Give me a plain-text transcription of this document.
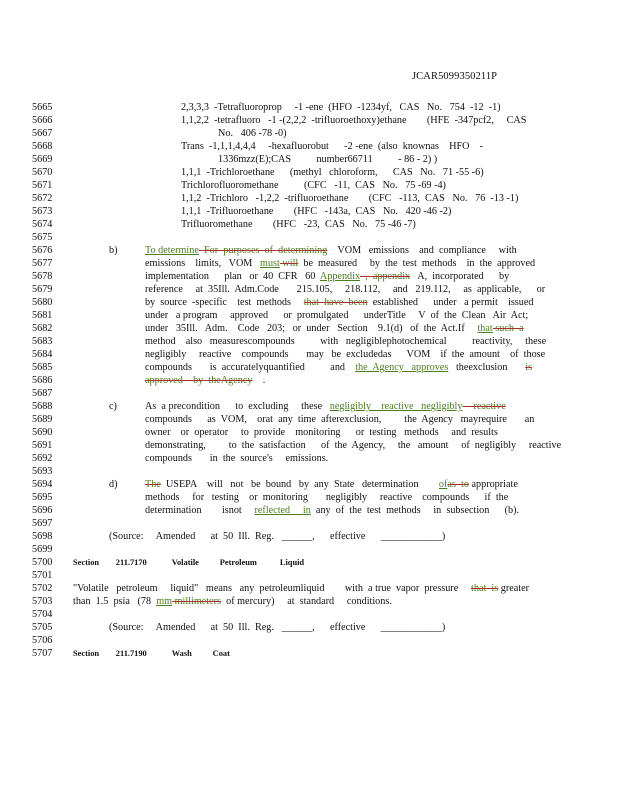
JCAR5099350211P
5665	2,3,3,3  -Tetrafluoroprop     -1 -ene  (HFO  -1234yf,   CAS   No.   754  -12  -1)
5666	1,1,2,2  -tetrafluoro   -1 -(2,2,2  -trifluoroethoxy)ethane        (HFE  -347pcf2,     CAS
5667	No.   406 -78 -0)
5668	Trans  -1,1,1,4,4,4     -hexafluorobut      -2 -ene  (also  knownas    HFO    -
5669	1336mzz(E);CAS          number66711          - 86 - 2) )
5670	1,1,1  -Trichloroethane      (methyl   chloroform,      CAS   No.   71 -55 -6)
5671	Trichlorofluoromethane          (CFC   -11,  CAS   No.   75 -69 -4)
5672	1,1,2  -Trichloro   -1,2,2  -trifluoroethane        (CFC   -113,  CAS   No.   76  -13 -1)
5673	1,1,1  -Trifluoroethane        (HFC   -143a,  CAS   No.   420 -46 -2)
5674	Trifluoromethane        (HFC   -23,  CAS   No.   75 -46 -7)
5675
5676	b)	To determine  For  purposes  of  determining    VOM   emissions    and  compliance     with
5677	emissions    limits,   VOM   must will  be  measured     by  the  test  methods    in  the  approved
5678	implementation      plan   or  40  CFR   60  Appendix  ,  appendix   A,  incorporated      by
5679	reference     at  35Ill.  Adm.Code       215.105,     218.112,     and   219.112,     as  applicable,      or
5680	by  source  -specific    test  methods     that  have  been  established      under   a permit    issued
5681	under   a program     approved      or  promulgated      underTitle     V  of  the  Clean   Air  Act;
5682	under   35Ill.   Adm.    Code   203;   or  under   Section    9.1(d)   of  the  Act.If     that such  a
5683	method    also   measurescompounds          with   negligiblephotochemical          reactivity,     these
5684	negligibly     reactive    compounds       may   be  excludedas      VOM    if  the  amount    of  those
5685	compounds       is  accuratelyquantified          and    the  Agency   approves   theexclusion       is
5686	approved    by  theAgency    .
5687
5688	c)	As  a precondition      to  excluding     these   negligibly    reactive   negligibly   -reactive
5689	compounds      as  VOM,    orat  any  time  afterexclusion,         the  Agency   mayrequire       an
5690	owner    or  operator     to  provide    monitoring      or  testing   methods     and  results
5691	demonstrating,         to  the  satisfaction      of  the  Agency,     the   amount     of  negligibly     reactive
5692	compounds       in  the  source's     emissions.
5693
5694	d)	The  USEPA    will   not   be  bound   by  any  State   determination        ofas  to appropriate
5695	methods     for   testing    or  monitoring       negligibly     reactive    compounds      if  the
5696	determination        isnot     reflected     in  any  of  the  test  methods     in  subsection      (b).
5697
5698	(Source:     Amended      at  50  Ill.  Reg.   ______,      effective      ____________)
5699
5700	Section        211.7170            Volatile          Petroleum           Liquid
5701
5702	"Volatile   petroleum     liquid"   means   any  petroleumliquid        with  a true  vapor  pressure     that  is greater
5703	than  1.5  psia   (78  mm millimeters  of mercury)     at  standard     conditions.
5704
5705	(Source:     Amended      at  50  Ill.  Reg.   ______,      effective      ____________)
5706
5707	Section        211.7190            Wash          Coat
